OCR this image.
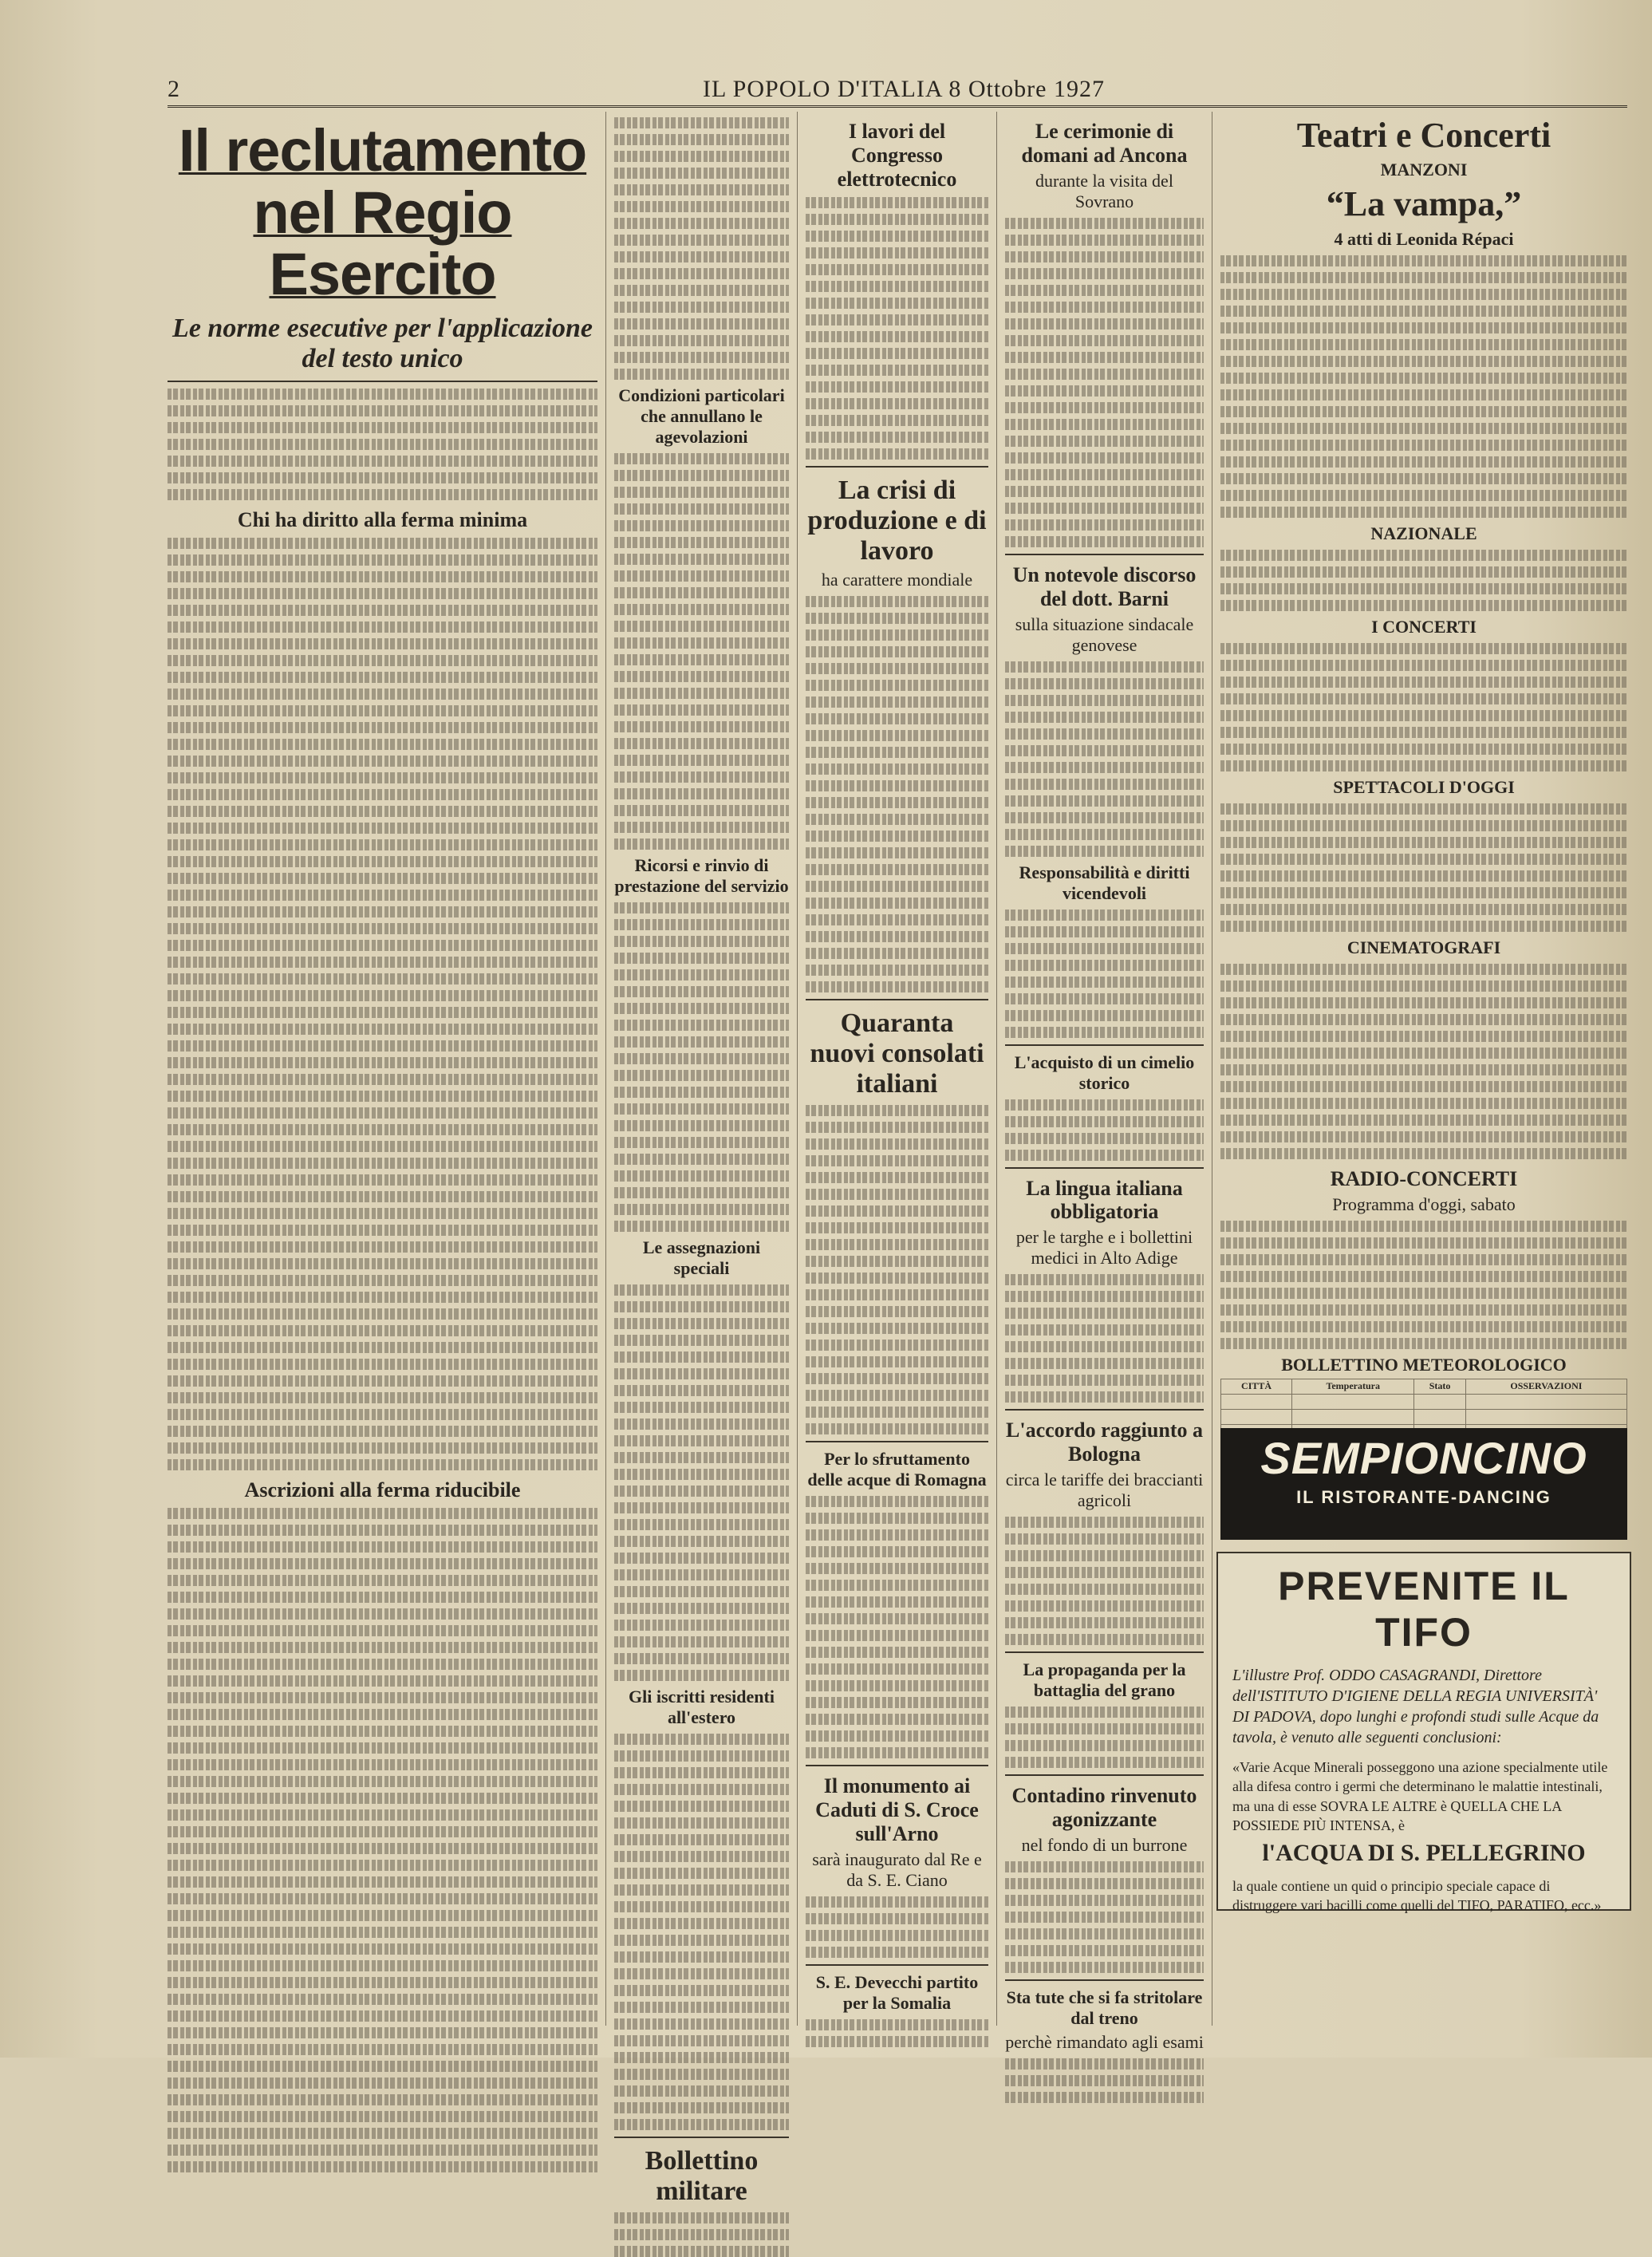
2	IL POPOLO D'ITALIA 8 Ottobre 1927
Il reclutamento nel Regio Esercito
Le norme esecutive per l'applicazione del testo unico
Chi ha diritto alla ferma minima
Ascrizioni alla ferma riducibile
Condizioni particolari che annullano le agevolazioni
Ricorsi e rinvio di prestazione del servizio
Le assegnazioni speciali
Gli iscritti residenti all'estero
Bollettino militare
I lavori del Congresso elettrotecnico
La crisi di produzione e di lavoro
ha carattere mondiale
Quaranta nuovi consolati italiani
Per lo sfruttamento delle acque di Romagna
Il monumento ai Caduti di S. Croce sull'Arno
sarà inaugurato dal Re e da S. E. Ciano
S. E. Devecchi partito per la Somalia
Le cerimonie di domani ad Ancona
durante la visita del Sovrano
Un notevole discorso del dott. Barni
sulla situazione sindacale genovese
Responsabilità e diritti vicendevoli
L'acquisto di un cimelio storico
La lingua italiana obbligatoria
per le targhe e i bollettini medici in Alto Adige
L'accordo raggiunto a Bologna
circa le tariffe dei braccianti agricoli
La propaganda per la battaglia del grano
Contadino rinvenuto agonizzante
nel fondo di un burrone
Sta tute che si fa stritolare dal treno
perchè rimandato agli esami
Teatri e Concerti
MANZONI
“La vampa,”
4 atti di Leonida Répaci
NAZIONALE
I CONCERTI
SPETTACOLI D'OGGI
CINEMATOGRAFI
RADIO-CONCERTI
Programma d'oggi, sabato
BOLLETTINO METEOROLOGICO
CITTÀ	Temperatura	Stato	OSSERVAZIONI

SEMPIONCINO
IL RISTORANTE-DANCING
PREVENITE IL TIFO
L'illustre Prof. ODDO CASAGRANDI, Direttore dell'ISTITUTO D'IGIENE DELLA REGIA UNIVERSITÀ' DI PADOVA, dopo lunghi e profondi studi sulle Acque da tavola, è venuto alle seguenti conclusioni:
«Varie Acque Minerali posseggono una azione specialmente utile alla difesa contro i germi che determinano le malattie intestinali, ma una di esse SOVRA LE ALTRE è QUELLA CHE LA POSSIEDE PIÙ INTENSA, è
l'ACQUA DI S. PELLEGRINO
la quale contiene un quid o principio speciale capace di distruggere vari bacilli come quelli del TIFO, PARATIFO, ecc.»
